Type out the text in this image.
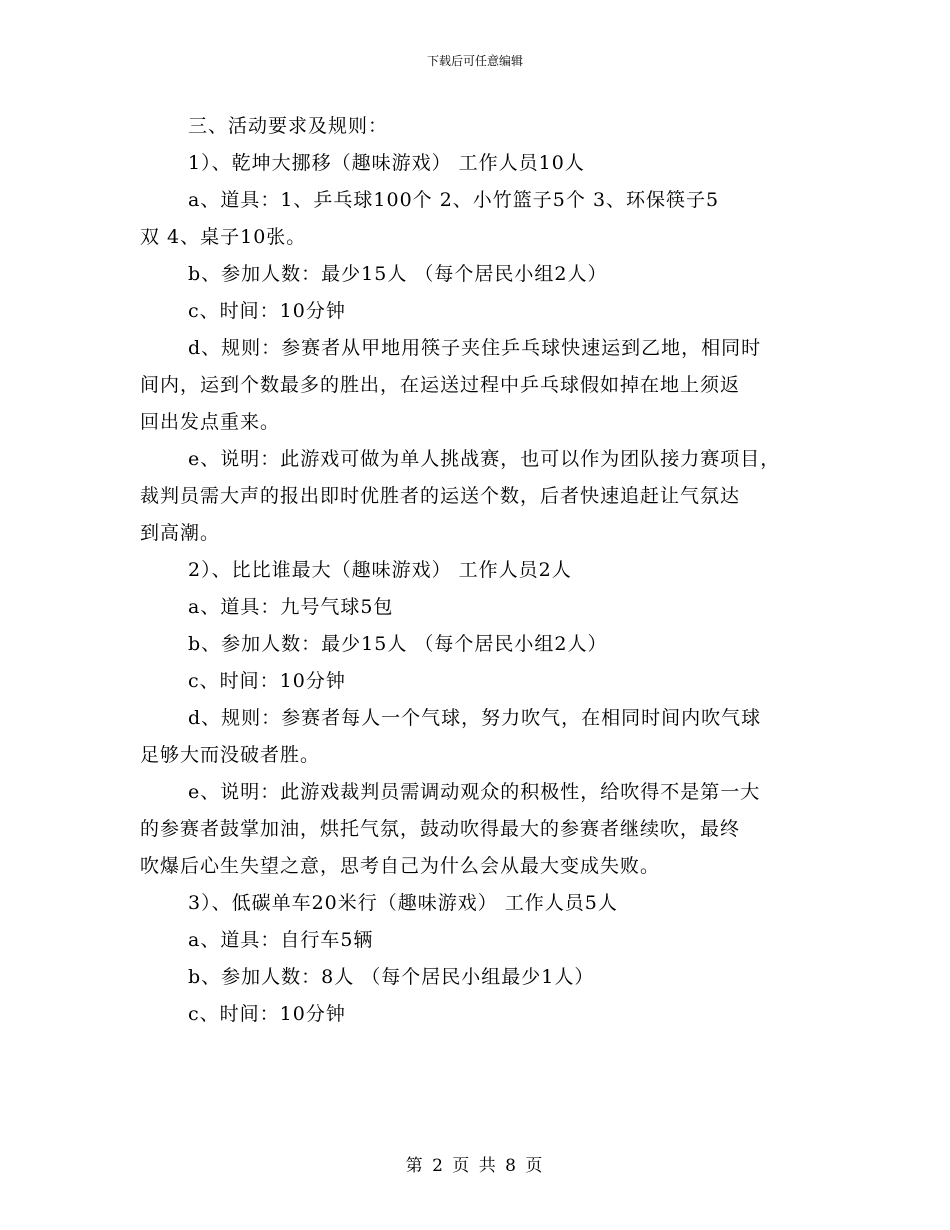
下载后可任意编辑
三、活动要求及规则：
1）、乾坤大挪移（趣味游戏） 工作人员10人
a、道具：1、乒乓球100个 2、小竹篮子5个 3、环保筷子5
双 4、桌子10张。
b、参加人数：最少15人 （每个居民小组2人）
c、时间：10分钟
d、规则：参赛者从甲地用筷子夹住乒乓球快速运到乙地，相同时
间内，运到个数最多的胜出，在运送过程中乒乓球假如掉在地上须返
回出发点重来。
e、说明：此游戏可做为单人挑战赛，也可以作为团队接力赛项目，
裁判员需大声的报出即时优胜者的运送个数，后者快速追赶让气氛达
到高潮。
2）、比比谁最大（趣味游戏） 工作人员2人
a、道具：九号气球5包
b、参加人数：最少15人 （每个居民小组2人）
c、时间：10分钟
d、规则：参赛者每人一个气球，努力吹气，在相同时间内吹气球
足够大而没破者胜。
e、说明：此游戏裁判员需调动观众的积极性，给吹得不是第一大
的参赛者鼓掌加油，烘托气氛，鼓动吹得最大的参赛者继续吹，最终
吹爆后心生失望之意，思考自己为什么会从最大变成失败。
3）、低碳单车20米行（趣味游戏） 工作人员5人
a、道具：自行车5辆
b、参加人数：8人 （每个居民小组最少1人）
c、时间：10分钟
第 2 页 共 8 页
